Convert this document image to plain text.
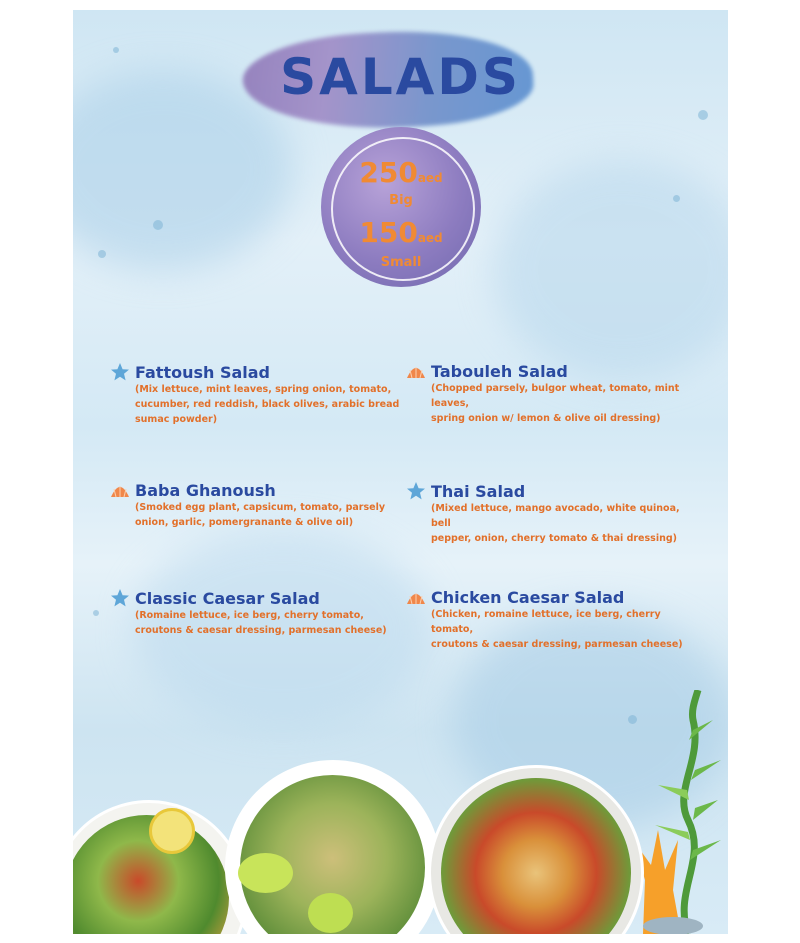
SALADS
250aed
Big
150aed
Small
Fattoush Salad
(Mix lettuce, mint leaves, spring onion, tomato,
cucumber, red reddish, black olives, arabic bread
sumac powder)
Tabouleh Salad
(Chopped parsely, bulgor wheat, tomato, mint leaves,
spring onion w/ lemon & olive oil dressing)
Baba Ghanoush
(Smoked egg plant, capsicum, tomato, parsely
onion, garlic, pomergranante & olive oil)
Thai Salad
(Mixed lettuce, mango avocado, white quinoa, bell
pepper, onion, cherry tomato & thai dressing)
Classic Caesar Salad
(Romaine lettuce, ice berg, cherry tomato,
croutons & caesar dressing, parmesan cheese)
Chicken Caesar Salad
(Chicken, romaine lettuce, ice berg, cherry tomato,
croutons & caesar dressing, parmesan cheese)
